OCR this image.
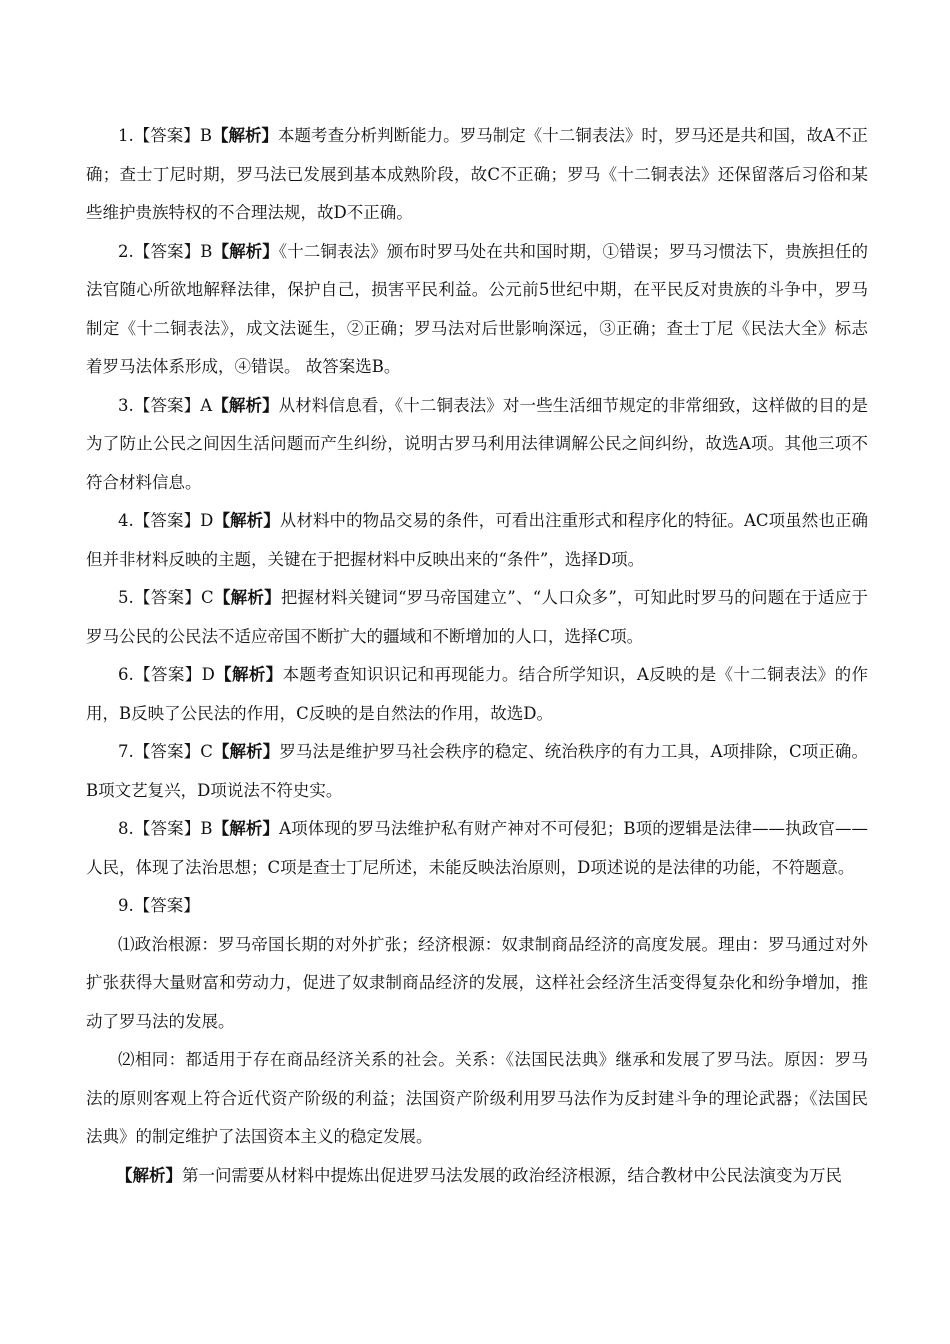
1.【答案】B【解析】本题考查分析判断能力。罗马制定《十二铜表法》时，罗马还是共和国，故A不正确；查士丁尼时期，罗马法已发展到基本成熟阶段，故C不正确；罗马《十二铜表法》还保留落后习俗和某些维护贵族特权的不合理法规，故D不正确。

2.【答案】B【解析】《十二铜表法》颁布时罗马处在共和国时期，①错误；罗马习惯法下，贵族担任的法官随心所欲地解释法律，保护自己，损害平民利益。公元前5世纪中期，在平民反对贵族的斗争中，罗马制定《十二铜表法》，成文法诞生，②正确；罗马法对后世影响深远，③正确；查士丁尼《民法大全》标志着罗马法体系形成，④错误。 故答案选B。

3.【答案】A【解析】从材料信息看，《十二铜表法》对一些生活细节规定的非常细致，这样做的目的是为了防止公民之间因生活问题而产生纠纷，说明古罗马利用法律调解公民之间纠纷，故选A项。其他三项不符合材料信息。

4.【答案】D【解析】从材料中的物品交易的条件，可看出注重形式和程序化的特征。AC项虽然也正确但并非材料反映的主题，关键在于把握材料中反映出来的“条件”，选择D项。

5.【答案】C【解析】把握材料关键词“罗马帝国建立”、“人口众多”，可知此时罗马的问题在于适应于罗马公民的公民法不适应帝国不断扩大的疆域和不断增加的人口，选择C项。

6.【答案】D【解析】本题考查知识识记和再现能力。结合所学知识，A反映的是《十二铜表法》的作用，B反映了公民法的作用，C反映的是自然法的作用，故选D。

7.【答案】C【解析】罗马法是维护罗马社会秩序的稳定、统治秩序的有力工具，A项排除，C项正确。B项文艺复兴，D项说法不符史实。

8.【答案】B【解析】A项体现的罗马法维护私有财产神对不可侵犯；B项的逻辑是法律——执政官——人民，体现了法治思想；C项是查士丁尼所述，未能反映法治原则，D项述说的是法律的功能，不符题意。

9.【答案】

⑴政治根源：罗马帝国长期的对外扩张；经济根源：奴隶制商品经济的高度发展。理由：罗马通过对外扩张获得大量财富和劳动力，促进了奴隶制商品经济的发展，这样社会经济生活变得复杂化和纷争增加，推动了罗马法的发展。

⑵相同：都适用于存在商品经济关系的社会。关系：《法国民法典》继承和发展了罗马法。原因：罗马法的原则客观上符合近代资产阶级的利益；法国资产阶级利用罗马法作为反封建斗争的理论武器；《法国民法典》的制定维护了法国资本主义的稳定发展。

【解析】第一问需要从材料中提炼出促进罗马法发展的政治经济根源，结合教材中公民法演变为万民
